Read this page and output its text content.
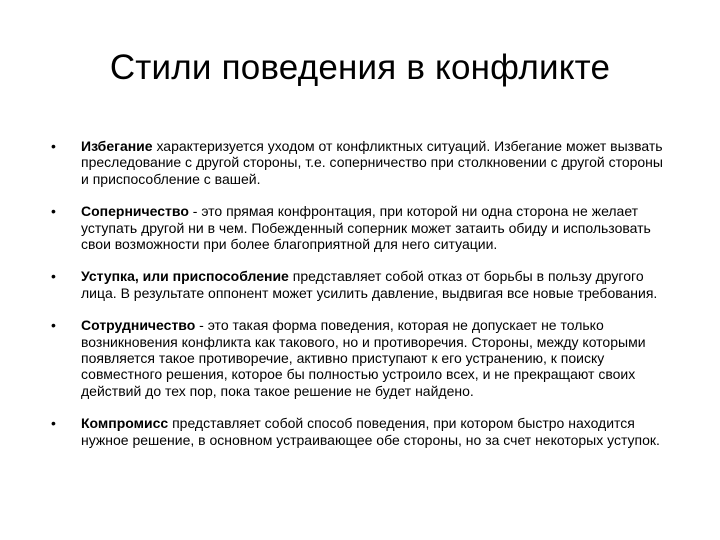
Стили поведения в конфликте
• Избегание характеризуется уходом от конфликтных ситуаций. Избегание может вызвать преследование с другой стороны, т.е. соперничество при столкновении с другой стороны и приспособление с вашей.
• Соперничество - это прямая конфронтация, при которой ни одна сторона не желает уступать другой ни в чем. Побежденный соперник может затаить обиду и использовать свои возможности при более благоприятной для него ситуации.
• Уступка, или приспособление представляет собой отказ от борьбы в пользу другого лица. В результате оппонент может усилить давление, выдвигая все новые требования.
• Сотрудничество - это такая форма поведения, которая не допускает не только возникновения конфликта как такового, но и противоречия. Стороны, между которыми появляется такое противоречие, активно приступают к его устранению, к поиску совместного решения, которое бы полностью устроило всех, и не прекращают своих действий до тех пор, пока такое решение не будет найдено.
• Компромисс представляет собой способ поведения, при котором быстро находится нужное решение, в основном устраивающее обе стороны, но за счет некоторых уступок.
